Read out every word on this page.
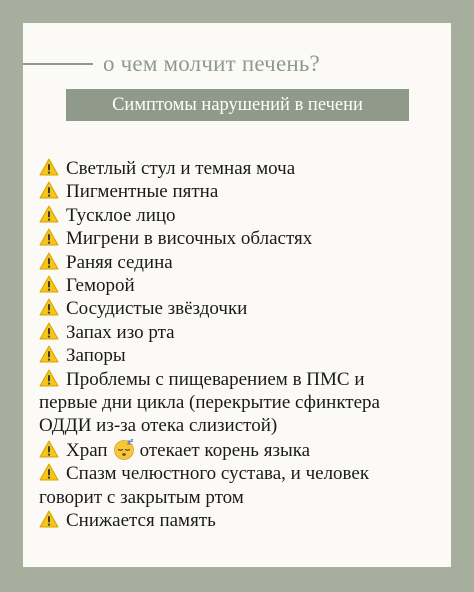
о чем молчит печень?
Симптомы нарушений в печени
Светлый стул и темная моча
Пигментные пятна
Тусклое лицо
Мигрени в височных областях
Раняя седина
Геморой
Сосудистые звёздочки
Запах изо рта
Запоры
Проблемы с пищеварением в ПМС и
первые дни цикла (перекрытие сфинктера
ОДДИ из-за отека слизистой)
Храп	z z отекает корень языка
Спазм челюстного сустава, и человек
говорит с закрытым ртом
Снижается память
